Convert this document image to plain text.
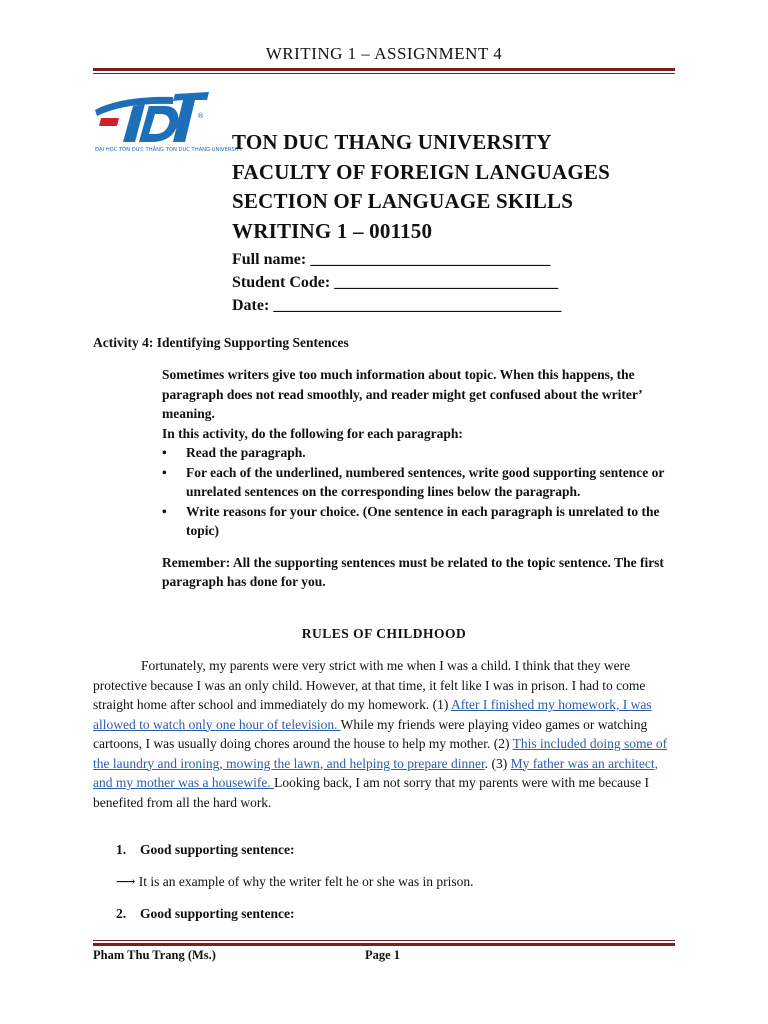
WRITING 1 – ASSIGNMENT 4
®
ĐẠI HỌC TÔN ĐỨC THẮNG TON DUC THANG UNIVERSITY
TON DUC THANG UNIVERSITY
FACULTY OF FOREIGN LANGUAGES
SECTION OF LANGUAGE SKILLS
WRITING 1 – 001150
Full name: ______________________________
Student Code: ____________________________
Date: ____________________________________
Activity 4: Identifying Supporting Sentences
Sometimes writers give too much information about topic. When this happens, the paragraph does not read smoothly, and reader might get confused about the writer’ meaning.
In this activity, do the following for each paragraph:
• Read the paragraph.
• For each of the underlined, numbered sentences, write good supporting sentence or unrelated sentences on the corresponding lines below the paragraph.
• Write reasons for your choice. (One sentence in each paragraph is unrelated to the topic)
Remember: All the supporting sentences must be related to the topic sentence. The first paragraph has done for you.
RULES OF CHILDHOOD
Fortunately, my parents were very strict with me when I was a child. I think that they were protective because I was an only child. However, at that time, it felt like I was in prison. I had to come straight home after school and immediately do my homework. (1) After I finished my homework, I was allowed to watch only one hour of television. While my friends were playing video games or watching cartoons, I was usually doing chores around the house to help my mother. (2) This included doing some of the laundry and ironing, mowing the lawn, and helping to prepare dinner. (3) My father was an architect, and my mother was a housewife. Looking back, I am not sorry that my parents were with me because I benefited from all the hard work.
1. Good supporting sentence:
⟶ It is an example of why the writer felt he or she was in prison.
2. Good supporting sentence:
Pham Thu Trang (Ms.)	Page 1
